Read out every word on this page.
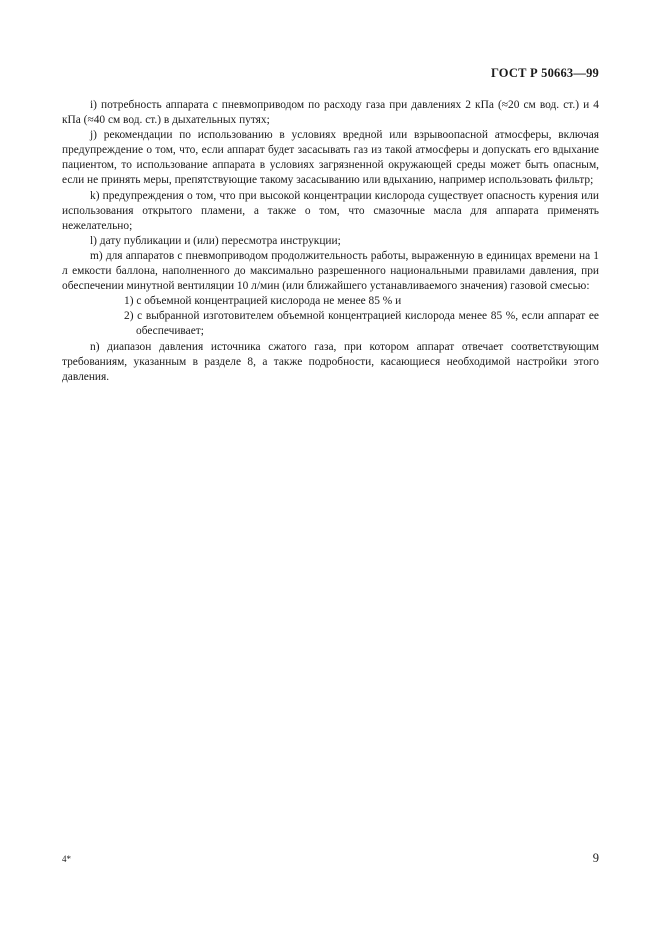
ГОСТ Р 50663—99

i) потребность аппарата с пневмоприводом по расходу газа при давлениях 2 кПа (≈20 см вод. ст.) и 4 кПа (≈40 см вод. ст.) в дыхательных путях;

j) рекомендации по использованию в условиях вредной или взрывоопасной атмосферы, включая предупреждение о том, что, если аппарат будет засасывать газ из такой атмосферы и допускать его вдыхание пациентом, то использование аппарата в условиях загрязненной окружающей среды может быть опасным, если не принять меры, препятствующие такому засасыванию или вдыханию, например использовать фильтр;

k) предупреждения о том, что при высокой концентрации кислорода существует опасность курения или использования открытого пламени, а также о том, что смазочные масла для аппарата применять нежелательно;

l) дату публикации и (или) пересмотра инструкции;

m) для аппаратов с пневмоприводом продолжительность работы, выраженную в единицах времени на 1 л емкости баллона, наполненного до максимально разрешенного национальными правилами давления, при обеспечении минутной вентиляции 10 л/мин (или ближайшего устанавливаемого значения) газовой смесью:

1) с объемной концентрацией кислорода не менее 85 % и

2) с выбранной изготовителем объемной концентрацией кислорода менее 85 %, если аппарат ее обеспечивает;

n) диапазон давления источника сжатого газа, при котором аппарат отвечает соответствующим требованиям, указанным в разделе 8, а также подробности, касающиеся необходимой настройки этого давления.

4*	9
